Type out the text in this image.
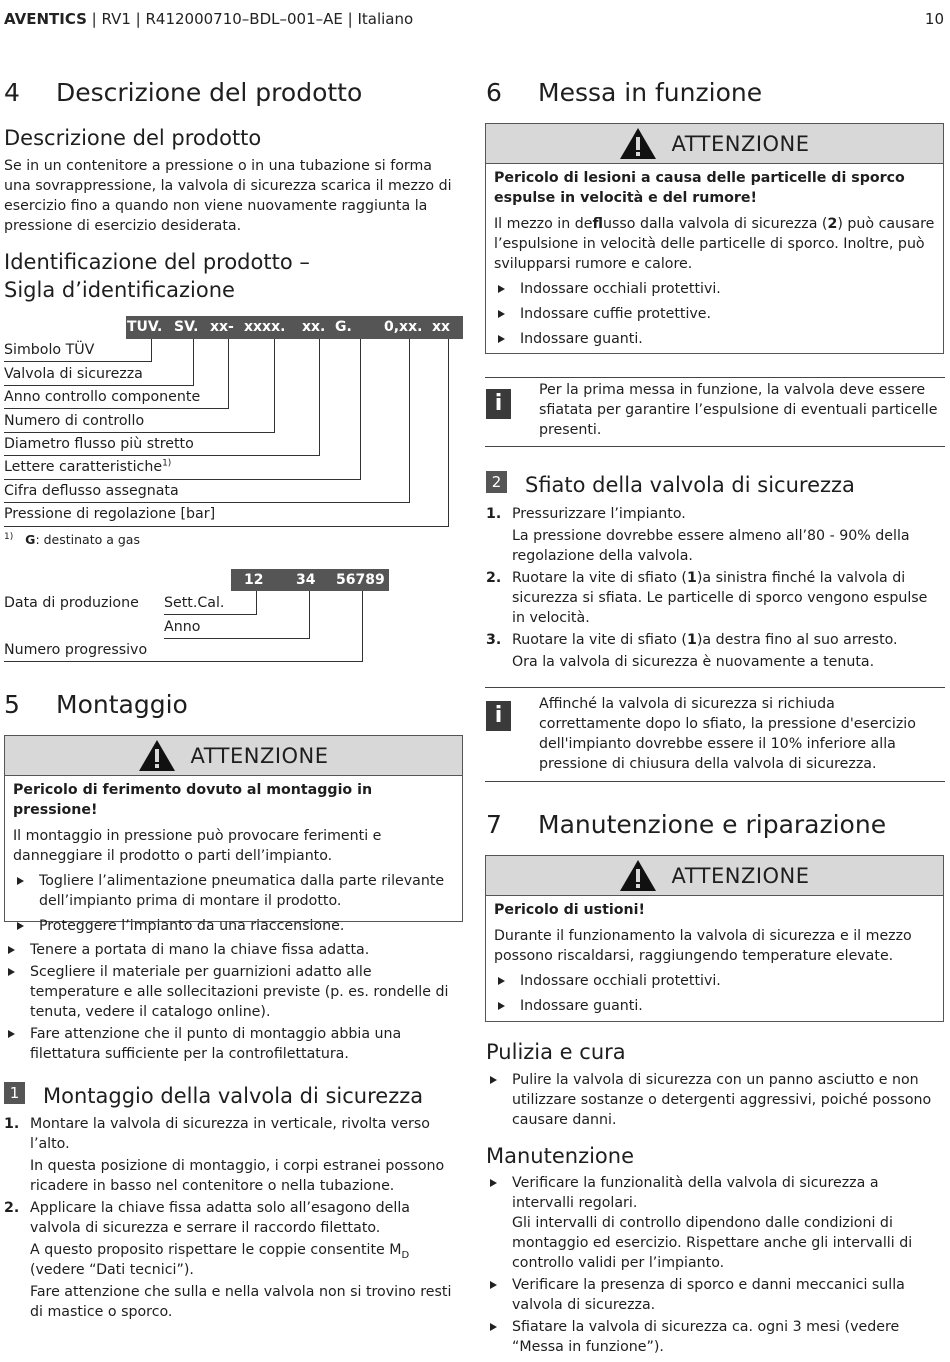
AVENTICS | RV1 | R412000710–BDL–001–AE | Italiano	10
4 Descrizione del prodotto
Descrizione del prodotto
Se in un contenitore a pressione o in una tubazione si forma una sovrappressione, la valvola di sicurezza scarica il mezzo di esercizio fino a quando non viene nuovamente raggiunta la pressione di esercizio desiderata.
Identificazione del prodotto –
Sigla d’identificazione
TUV. SV. xx- xxxx. xx. G. 0,xx. xx
Simbolo TÜV
Valvola di sicurezza
Anno controllo componente
Numero di controllo
Diametro flusso più stretto
Lettere caratteristiche$^{1)}$
Cifra deflusso assegnata
Pressione di regolazione [bar]
$^{1)}$ G: destinato a gas
12 34 56789
Data di produzione Sett.Cal.
Anno
Numero progressivo
5 Montaggio
ATTENZIONE
Pericolo di ferimento dovuto al montaggio in pressione!
Il montaggio in pressione può provocare ferimenti e danneggiare il prodotto o parti dell’impianto.
Togliere l’alimentazione pneumatica dalla parte rilevante dell’impianto prima di montare il prodotto.
Proteggere l’impianto da una riaccensione.
Tenere a portata di mano la chiave fissa adatta.
Scegliere il materiale per guarnizioni adatto alle temperature e alle sollecitazioni previste (p. es. rondelle di tenuta, vedere il catalogo online).
Fare attenzione che il punto di montaggio abbia una filettatura sufficiente per la controfilettatura.
1 Montaggio della valvola di sicurezza
1. Montare la valvola di sicurezza in verticale, rivolta verso l’alto.
In questa posizione di montaggio, i corpi estranei possono ricadere in basso nel contenitore o nella tubazione.
2. Applicare la chiave fissa adatta solo all’esagono della valvola di sicurezza e serrare il raccordo filettato.
A questo proposito rispettare le coppie consentite $M_D$ (vedere “Dati tecnici”).
Fare attenzione che sulla e nella valvola non si trovino resti di mastice o sporco.
6 Messa in funzione
ATTENZIONE
Pericolo di lesioni a causa delle particelle di sporco espulse in velocità e del rumore!
Il mezzo in deflusso dalla valvola di sicurezza (2) può causare l’espulsione in velocità delle particelle di sporco. Inoltre, può svilupparsi rumore e calore.
Indossare occhiali protettivi.
Indossare cuffie protettive.
Indossare guanti.
i
Per la prima messa in funzione, la valvola deve essere sfiatata per garantire l’espulsione di eventuali particelle presenti.
2 Sfiato della valvola di sicurezza
1. Pressurizzare l’impianto.
La pressione dovrebbe essere almeno all’80 - 90% della regolazione della valvola.
2. Ruotare la vite di sfiato (1)a sinistra finché la valvola di sicurezza si sfiata. Le particelle di sporco vengono espulse in velocità.
3. Ruotare la vite di sfiato (1)a destra fino al suo arresto.
Ora la valvola di sicurezza è nuovamente a tenuta.
i	Affinché la valvola di sicurezza si richiuda correttamente dopo lo sfiato, la pressione d'esercizio dell'impianto dovrebbe essere il 10% inferiore alla pressione di chiusura della valvola di sicurezza.
7 Manutenzione e riparazione
ATTENZIONE
Pericolo di ustioni!
Durante il funzionamento la valvola di sicurezza e il mezzo possono riscaldarsi, raggiungendo temperature elevate.
Indossare occhiali protettivi.
Indossare guanti.
Pulizia e cura
Pulire la valvola di sicurezza con un panno asciutto e non utilizzare sostanze o detergenti aggressivi, poiché possono causare danni.
Manutenzione
Verificare la funzionalità della valvola di sicurezza a intervalli regolari.
Gli intervalli di controllo dipendono dalle condizioni di montaggio ed esercizio. Rispettare anche gli intervalli di controllo validi per l’impianto.
Verificare la presenza di sporco e danni meccanici sulla valvola di sicurezza.
Sfiatare la valvola di sicurezza ca. ogni 3 mesi (vedere “Messa in funzione”).
